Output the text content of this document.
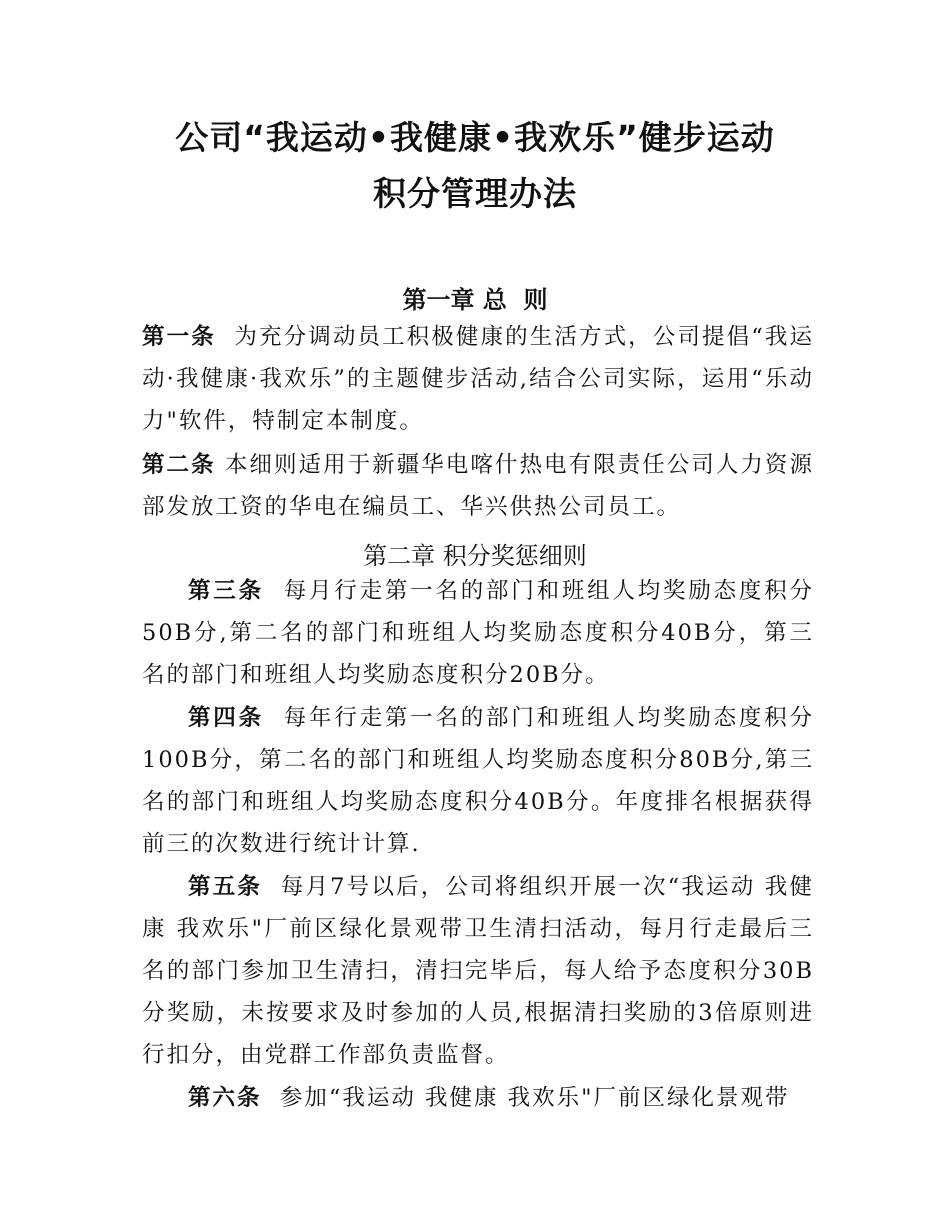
公司“我运动•我健康•我欢乐”健步运动
积分管理办法
第一章 总  则

第一条 为充分调动员工积极健康的生活方式，公司提倡“我运动·我健康·我欢乐”的主题健步活动,结合公司实际，运用“乐动力"软件，特制定本制度。

第二条 本细则适用于新疆华电喀什热电有限责任公司人力资源部发放工资的华电在编员工、华兴供热公司员工。

第二章 积分奖惩细则

第三条 每月行走第一名的部门和班组人均奖励态度积分50B分,第二名的部门和班组人均奖励态度积分40B分，第三名的部门和班组人均奖励态度积分20B分。

第四条 每年行走第一名的部门和班组人均奖励态度积分100B分，第二名的部门和班组人均奖励态度积分80B分,第三名的部门和班组人均奖励态度积分40B分。年度排名根据获得前三的次数进行统计计算.

第五条 每月7号以后，公司将组织开展一次“我运动 我健康 我欢乐"厂前区绿化景观带卫生清扫活动，每月行走最后三名的部门参加卫生清扫，清扫完毕后，每人给予态度积分30B分奖励，未按要求及时参加的人员,根据清扫奖励的3倍原则进行扣分，由党群工作部负责监督。

第六条 参加“我运动 我健康 我欢乐"厂前区绿化景观带
